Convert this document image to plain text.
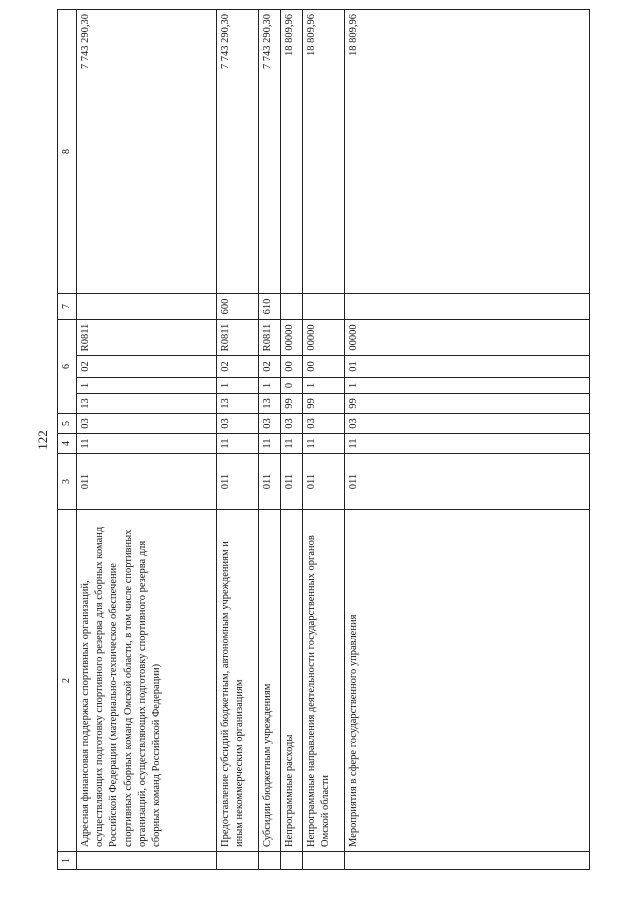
122
1	2	3	4	5	6				7	8
	Адресная финансовая поддержка спортивных организаций, осуществляющих подготовку спортивного резерва для сборных команд Российской Федерации (материально-техническое обеспечение спортивных сборных команд Омской области, в том числе спортивных организаций, осуществляющих подготовку спортивного резерва для сборных команд Российской Федерации)	011	11	03	13	1	02	R0811		7 743 290,30
	Предоставление субсидий бюджетным, автономным учреждениям и иным некоммерческим организациям	011	11	03	13	1	02	R0811	600	7 743 290,30
	Субсидии бюджетным учреждениям	011	11	03	13	1	02	R0811	610	7 743 290,30
	Непрограммные расходы	011	11	03	99	0	00	00000		18 809,96
	Непрограммные направления деятельности государственных органов Омской области	011	11	03	99	1	00	00000		18 809,96
	Мероприятия в сфере государственного управления	011	11	03	99	1	01	00000		18 809,96
